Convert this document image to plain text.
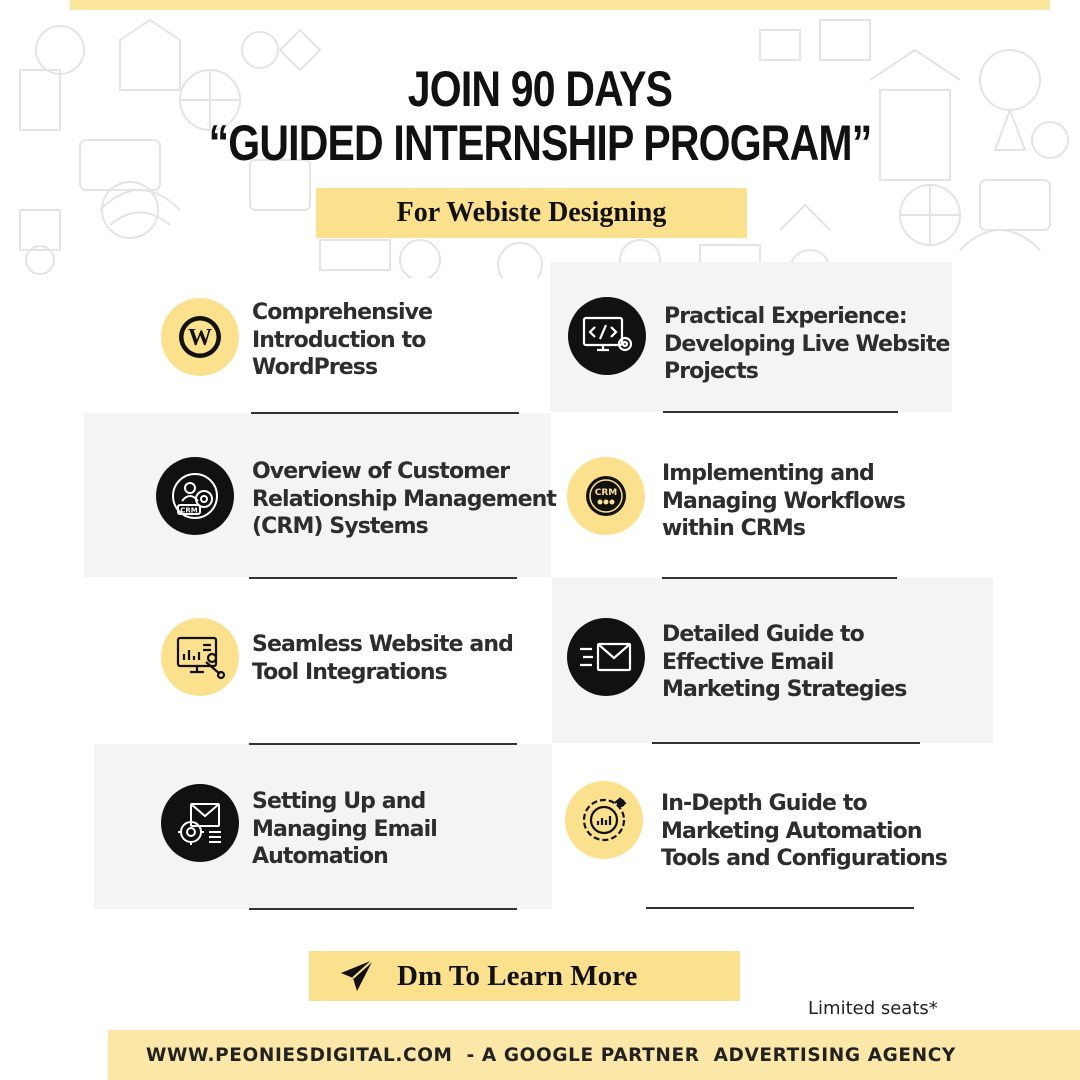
JOIN 90 DAYS
“GUIDED INTERNSHIP PROGRAM”
For Webiste Designing
W
Comprehensive
Introduction to
WordPress
Practical Experience:
Developing Live Website
Projects
CRM
Overview of Customer
Relationship Management
(CRM) Systems
CRM
Implementing and
Managing Workflows
within CRMs
Seamless Website and
Tool Integrations
Detailed Guide to
Effective Email
Marketing Strategies
Setting Up and
Managing Email
Automation
In-Depth Guide to
Marketing Automation
Tools and Configurations
Dm To Learn More
Limited seats*
WWW.PEONIESDIGITAL.COM  - A GOOGLE PARTNER  ADVERTISING AGENCY
